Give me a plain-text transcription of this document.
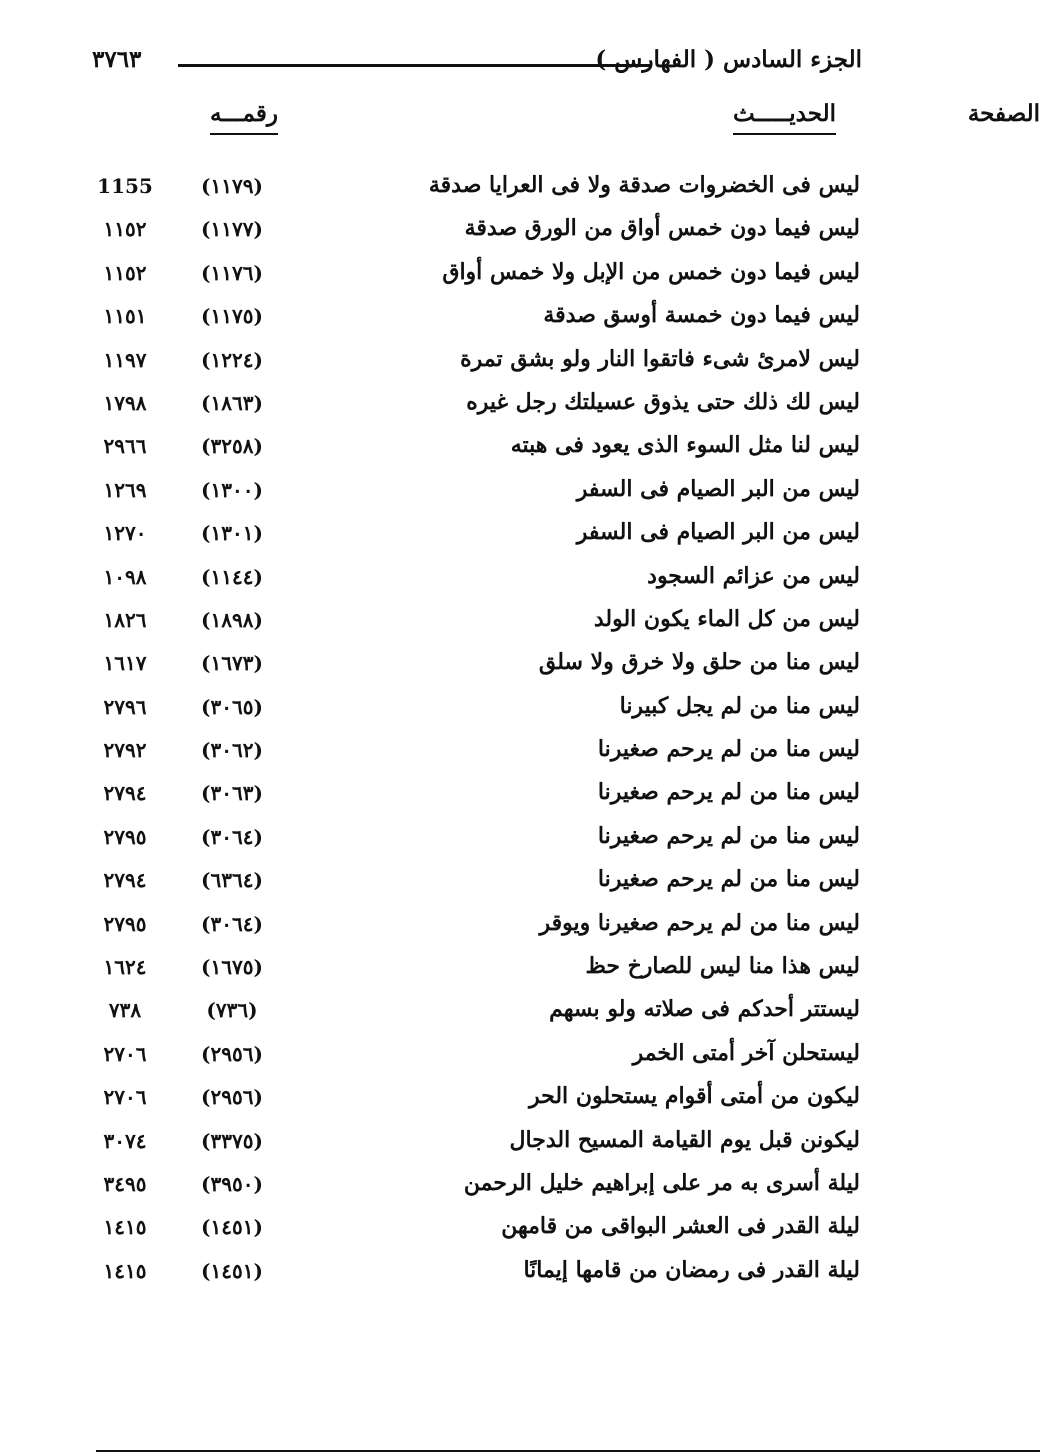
٣٧٦٣	الجزء السادس ( الفهارس )
الحديـــــث
رقمـــه	الصفحة
ليس فى الخضروات صدقة ولا فى العرايا صدقة
(١١٧٩)
1155
ليس فيما دون خمس أواق من الورق صدقة
(١١٧٧)
١١٥٢
ليس فيما دون خمس من الإبل ولا خمس أواق
(١١٧٦)
١١٥٢
ليس فيما دون خمسة أوسق صدقة
(١١٧٥)
١١٥١
ليس لامرئ شىء فاتقوا النار ولو بشق تمرة
(١٢٢٤)
١١٩٧
ليس لك ذلك حتى يذوق عسيلتك رجل غيره
(١٨٦٣)
١٧٩٨
ليس لنا مثل السوء الذى يعود فى هبته
(٣٢٥٨)
٢٩٦٦
ليس من البر الصيام فى السفر
(١٣٠٠)
١٢٦٩
ليس من البر الصيام فى السفر
(١٣٠١)
١٢٧٠
ليس من عزائم السجود
(١١٤٤)
١٠٩٨
ليس من كل الماء يكون الولد
(١٨٩٨)
١٨٢٦
ليس منا من حلق ولا خرق ولا سلق
(١٦٧٣)
١٦١٧
ليس منا من لم يجل كبيرنا
(٣٠٦٥)
٢٧٩٦
ليس منا من لم يرحم صغيرنا
(٣٠٦٢)
٢٧٩٢
ليس منا من لم يرحم صغيرنا
(٣٠٦٣)
٢٧٩٤
ليس منا من لم يرحم صغيرنا
(٣٠٦٤)
٢٧٩٥
ليس منا من لم يرحم صغيرنا
(٦٣٦٤)
٢٧٩٤
ليس منا من لم يرحم صغيرنا ويوقر
(٣٠٦٤)
٢٧٩٥
ليس هذا منا ليس للصارخ حظ
(١٦٧٥)
١٦٢٤
ليستتر أحدكم فى صلاته ولو بسهم
(٧٣٦)
٧٣٨
ليستحلن آخر أمتى الخمر
(٢٩٥٦)
٢٧٠٦
ليكون من أمتى أقوام يستحلون الحر
(٢٩٥٦)
٢٧٠٦
ليكونن قبل يوم القيامة المسيح الدجال
(٣٣٧٥)
٣٠٧٤
ليلة أسرى به مر على إبراهيم خليل الرحمن
(٣٩٥٠)
٣٤٩٥
ليلة القدر فى العشر البواقى من قامهن
(١٤٥١)
١٤١٥
ليلة القدر فى رمضان من قامها إيمانًا
(١٤٥١)
١٤١٥
